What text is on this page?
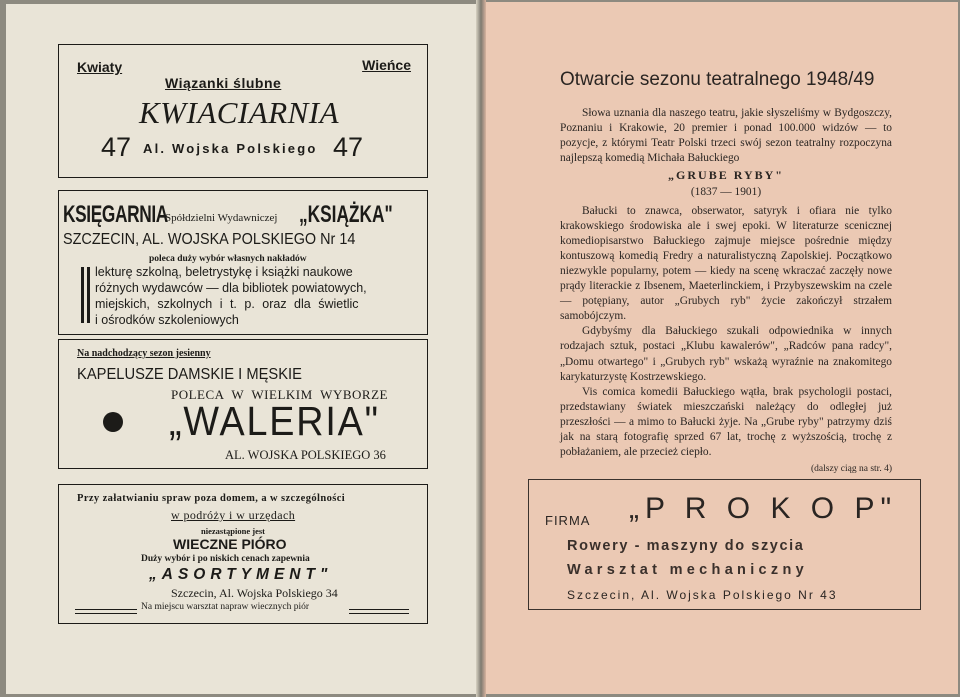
Kwiaty	Wieńce
Wiązanki ślubne
KWIACIARNIA
47 Al. Wojska Polskiego 47
KSIĘGARNIA
Spółdzielni Wydawniczej „KSIĄŻKA"
SZCZECIN, AL. WOJSKA POLSKIEGO Nr 14
poleca duży wybór własnych nakładów
lekturę szkolną, beletrystykę i książki naukowe
różnych wydawców — dla bibliotek powiatowych,
miejskich, szkolnych i t. p. oraz dla świetlic
i ośrodków szkoleniowych
Na nadchodzący sezon jesienny
KAPELUSZE DAMSKIE I MĘSKIE
POLECA W WIELKIM WYBORZE
„WALERIA"
AL. WOJSKA POLSKIEGO 36
Przy załatwianiu spraw poza domem, a w szczególności
w podróży i w urzędach
niezastąpione jest
WIECZNE PIÓRO
Duży wybór i po niskich cenach zapewnia
„ASORTYMENT"
Szczecin, Al. Wojska Polskiego 34
Na miejscu warsztat napraw wiecznych piór
Otwarcie sezonu teatralnego 1948/49

Słowa uznania dla naszego teatru, jakie słyszeliśmy w Bydgoszczy, Poznaniu i Krakowie, 20 premier i ponad 100.000 widzów — to pozycje, z którymi Teatr Polski trzeci swój sezon teatralny rozpoczyna najlepszą komedią Michała Bałuckiego

„GRUBE RYBY"

(1837 — 1901)

Bałucki to znawca, obserwator, satyryk i ofiara nie tylko krakowskiego środowiska ale i swej epoki. W literaturze scenicznej komediopisarstwo Bałuckiego zajmuje miejsce pośrednie między kontuszową komedią Fredry a naturalistyczną Zapolskiej. Początkowo niezwykle popularny, potem — kiedy na scenę wkraczać zaczęły nowe prądy literackie z Ibsenem, Maeterlinckiem, i Przybyszewskim na czele — potępiany, autor „Grubych ryb" życie zakończył strzałem samobójczym.

Gdybyśmy dla Bałuckiego szukali odpowiednika w innych rodzajach sztuk, postaci „Klubu kawalerów", „Radców pana radcy", „Domu otwartego" i „Grubych ryb" wskażą wyraźnie na znakomitego karykaturzystę Kostrzewskiego.

Vis comica komedii Bałuckiego wątła, brak psychologii postaci, przedstawiany światek mieszczański należący do odległej już przeszłości — a mimo to Bałucki żyje. Na „Grube ryby" patrzymy dziś jak na starą fotografię sprzed 67 lat, trochę z wyższością, trochę z pobłażaniem, ale przecież ciepło.

(dalszy ciąg na str. 4)

FIRMA „P R O K O P"
Rowery - maszyny do szycia
Warsztat mechaniczny
Szczecin, Al. Wojska Polskiego Nr 43
